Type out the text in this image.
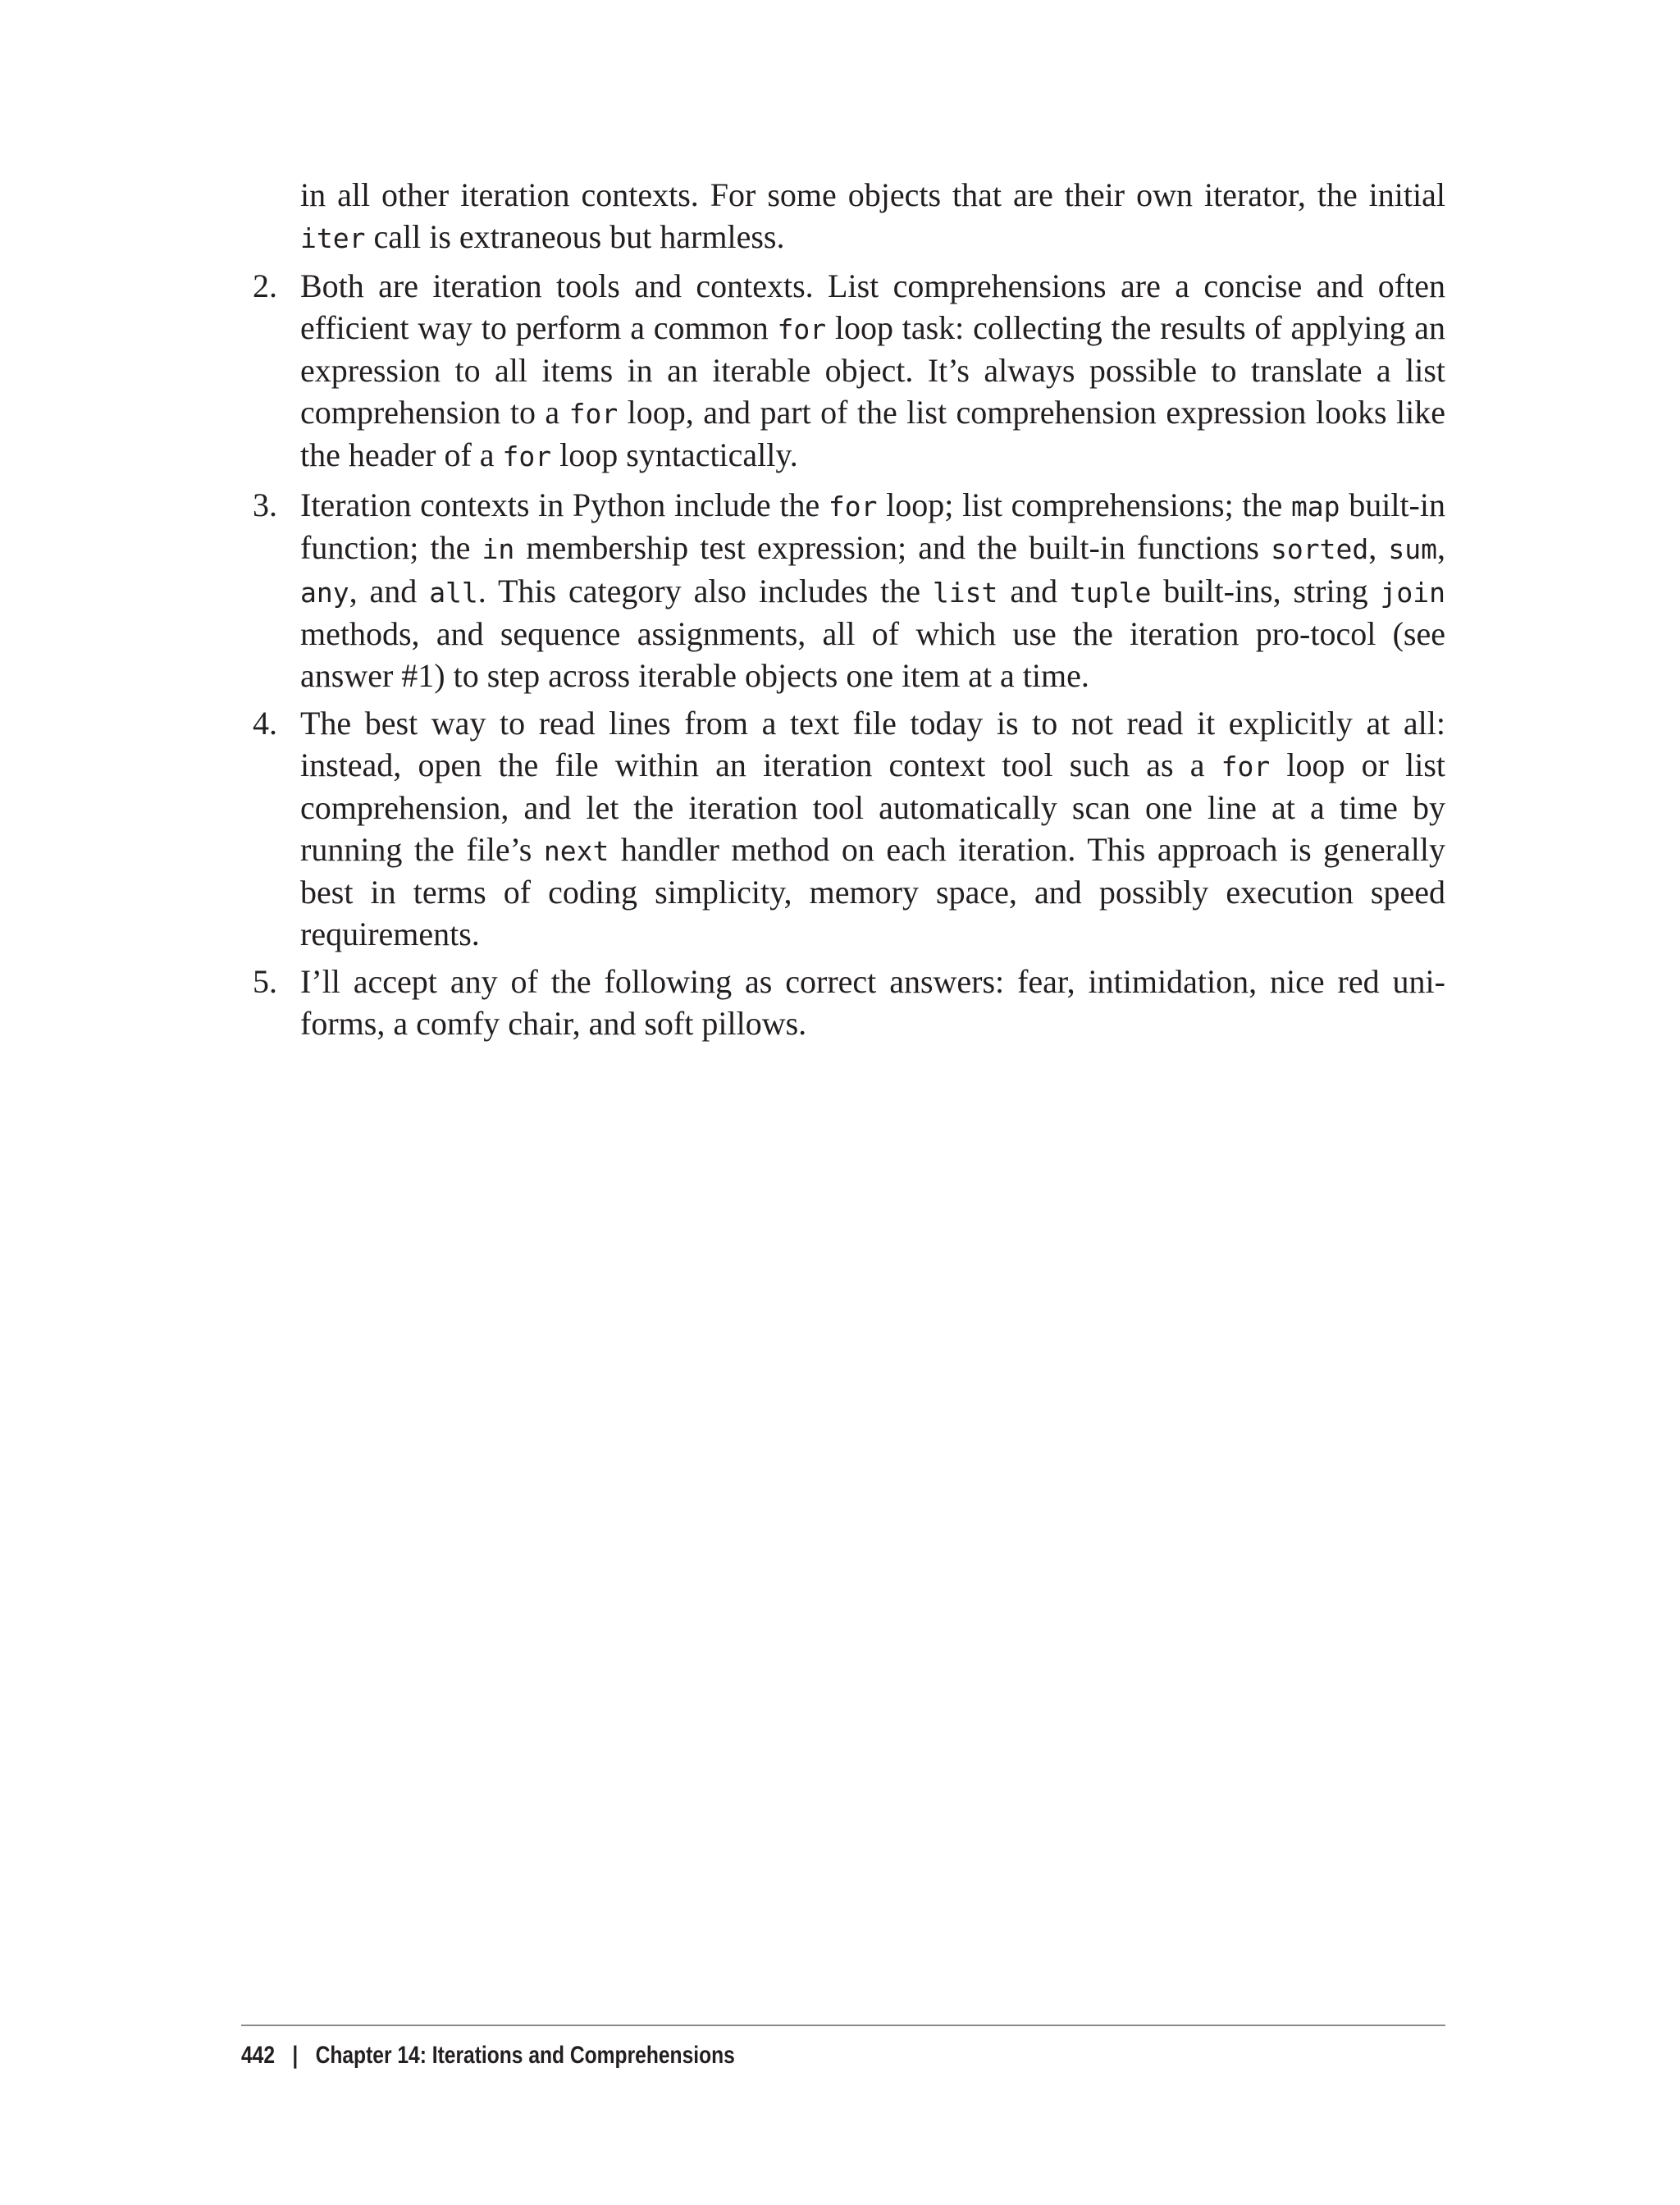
in all other iteration contexts. For some objects that are their own iterator, the initial iter call is extraneous but harmless.

2. Both are iteration tools and contexts. List comprehensions are a concise and often efficient way to perform a common for loop task: collecting the results of applying an expression to all items in an iterable object. It’s always possible to translate a list comprehension to a for loop, and part of the list comprehension expression looks like the header of a for loop syntactically.

3. Iteration contexts in Python include the for loop; list comprehensions; the map built-in function; the in membership test expression; and the built-in functions sorted, sum, any, and all. This category also includes the list and tuple built-ins, string join methods, and sequence assignments, all of which use the iteration pro-tocol (see answer #1) to step across iterable objects one item at a time.

4. The best way to read lines from a text file today is to not read it explicitly at all: instead, open the file within an iteration context tool such as a for loop or list comprehension, and let the iteration tool automatically scan one line at a time by running the file’s next handler method on each iteration. This approach is generally best in terms of coding simplicity, memory space, and possibly execution speed requirements.

5. I’ll accept any of the following as correct answers: fear, intimidation, nice red uni-forms, a comfy chair, and soft pillows.

442 | Chapter 14: Iterations and Comprehensions
